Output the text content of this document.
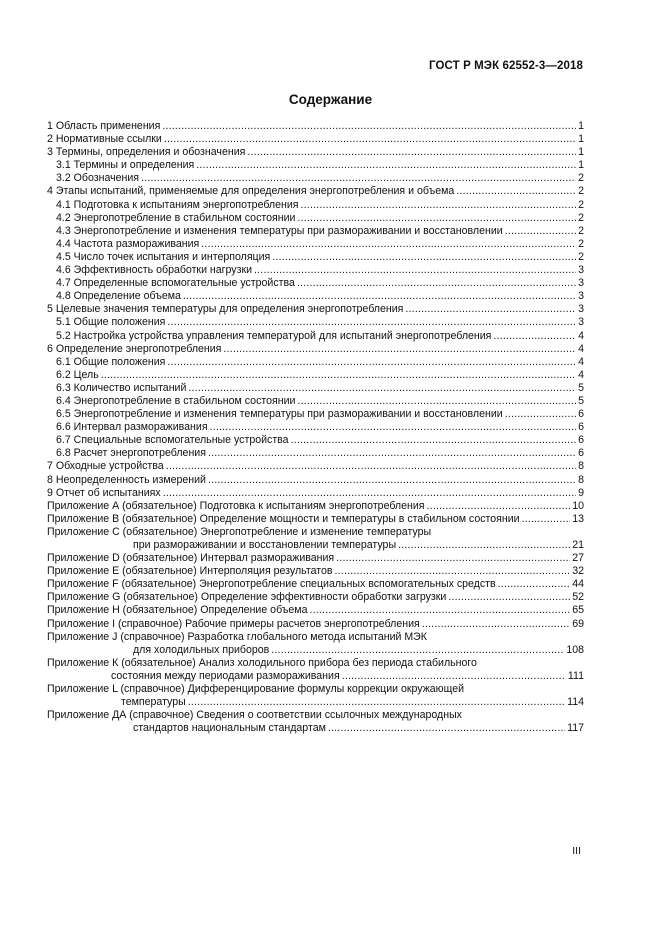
ГОСТ Р МЭК 62552-3—2018
Содержание
1 Область применения .....	1
2 Нормативные ссылки .....	1
3 Термины, определения и обозначения .....	1
3.1 Термины и определения .....	1
3.2 Обозначения .....	2
4 Этапы испытаний, применяемые для определения энергопотребления и объема .....	2
4.1 Подготовка к испытаниям энергопотребления .....	2
4.2 Энергопотребление в стабильном состоянии .....	2
4.3 Энергопотребление и изменения температуры при размораживании и восстановлении .....	2
4.4 Частота размораживания .....	2
4.5 Число точек испытания и интерполяция .....	2
4.6 Эффективность обработки нагрузки .....	3
4.7 Определенные вспомогательные устройства .....	3
4.8 Определение объема .....	3
5 Целевые значения температуры для определения энергопотребления .....	3
5.1 Общие положения .....	3
5.2 Настройка устройства управления температурой для испытаний энергопотребления .....	4
6 Определение энергопотребления .....	4
6.1 Общие положения .....	4
6.2 Цель .....	4
6.3 Количество испытаний .....	5
6.4 Энергопотребление в стабильном состоянии .....	5
6.5 Энергопотребление и изменения температуры при размораживании и восстановлении .....	6
6.6 Интервал размораживания .....	6
6.7 Специальные вспомогательные устройства .....	6
6.8 Расчет энергопотребления .....	6
7 Обходные устройства .....	8
8 Неопределенность измерений .....	8
9 Отчет об испытаниях .....	9
Приложение А (обязательное) Подготовка к испытаниям энергопотребления .....	10
Приложение В (обязательное) Определение мощности и температуры в стабильном состоянии .....	13
Приложение С (обязательное) Энергопотребление и изменение температуры
при размораживании и восстановлении температуры .....	21
Приложение D (обязательное) Интервал размораживания .....	27
Приложение Е (обязательное) Интерполяция результатов .....	32
Приложение F (обязательное) Энергопотребление специальных вспомогательных средств .....	44
Приложение G (обязательное) Определение эффективности обработки загрузки .....	52
Приложение Н (обязательное) Определение объема .....	65
Приложение I (справочное) Рабочие примеры расчетов энергопотребления .....	69
Приложение J (справочное) Разработка глобального метода испытаний МЭК
для холодильных приборов .....	108
Приложение К (обязательное) Анализ холодильного прибора без периода стабильного
состояния между периодами размораживания .....	111
Приложение L (справочное) Дифференцирование формулы коррекции окружающей
температуры .....	114
Приложение ДА (справочное) Сведения о соответствии ссылочных международных
стандартов национальным стандартам .....	117
III
